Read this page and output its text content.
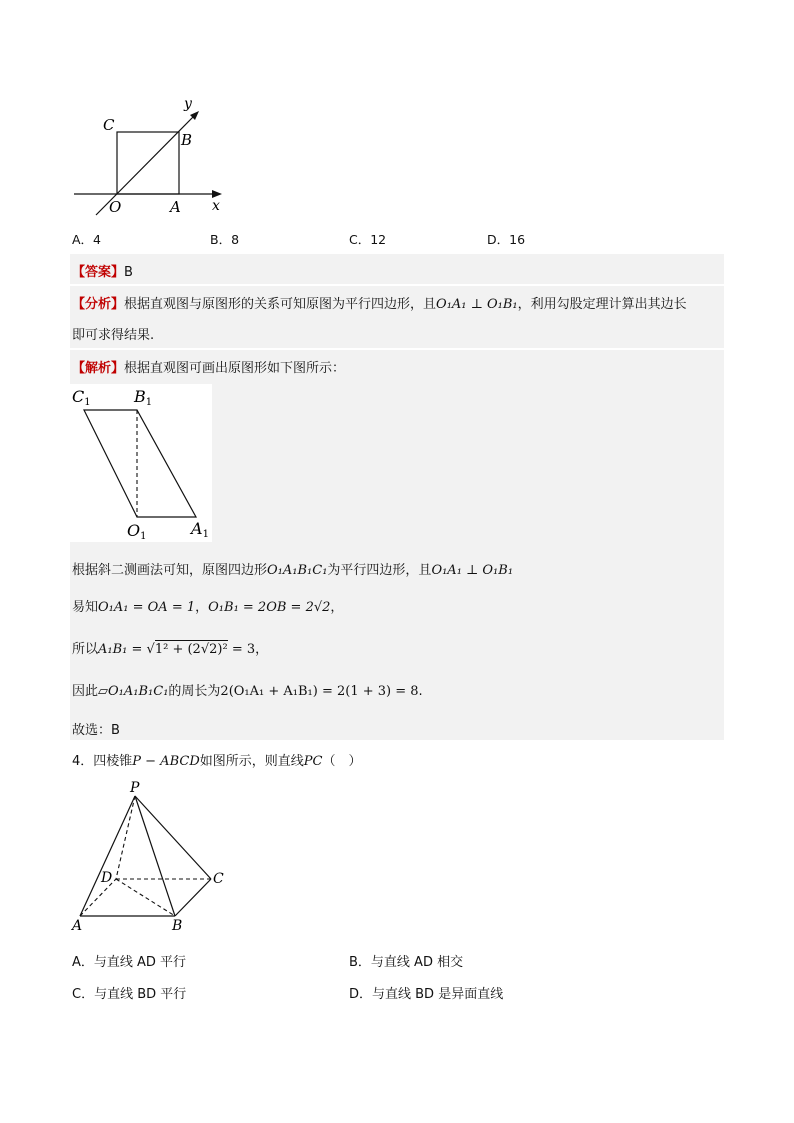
y
C
B
O	A x
A．4	B．8	C．12	D．16
【答案】B
【分析】根据直观图与原图形的关系可知原图为平行四边形，且O₁A₁ ⊥ O₁B₁，利用勾股定理计算出其边长
即可求得结果.
【解析】根据直观图可画出原图形如下图所示：
C1	B1
O1	A1
根据斜二测画法可知，原图四边形O₁A₁B₁C₁为平行四边形，且O₁A₁ ⊥ O₁B₁
易知O₁A₁ = OA = 1，O₁B₁ = 2OB = 2√2，
所以A₁B₁ = √1² + (2√2)² = 3，
因此▱O₁A₁B₁C₁的周长为2(O₁A₁ + A₁B₁) = 2(1 + 3) = 8.
故选：B
4．四棱锥P − ABCD如图所示，则直线PC（　）
P
D	C
A	B
A．与直线 AD 平行	B．与直线 AD 相交
C．与直线 BD 平行	D．与直线 BD 是异面直线
